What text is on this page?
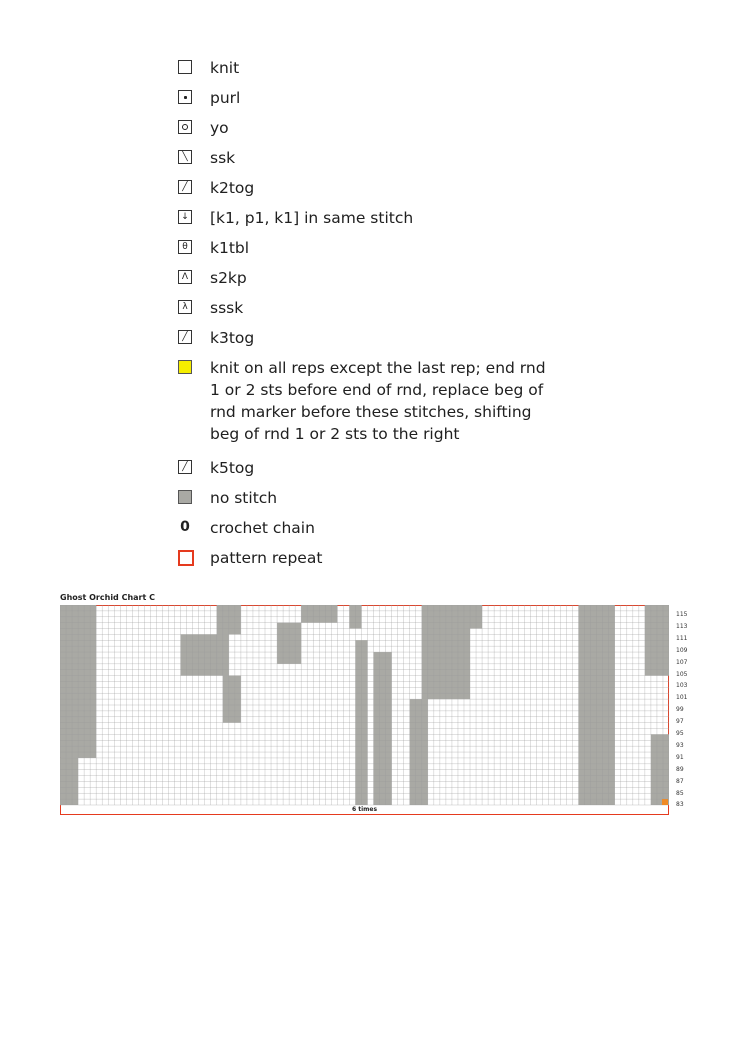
knit
purl
yo
╲ ssk
╱ k2tog
↓ [k1, p1, k1] in same stitch
θ k1tbl
Λ s2kp
λ sssk
╱ k3tog
knit on all reps except the last rep; end rnd 1 or 2 sts before end of rnd, replace beg of rnd marker before these stitches, shifting beg of rnd 1 or 2 sts to the right
╱ k5tog
no stitch
0 crochet chain
pattern repeat
Ghost Orchid Chart C
115
113
111
109
107
105
103
101
99
97
95
93
91
89
87
85
83
6 times
